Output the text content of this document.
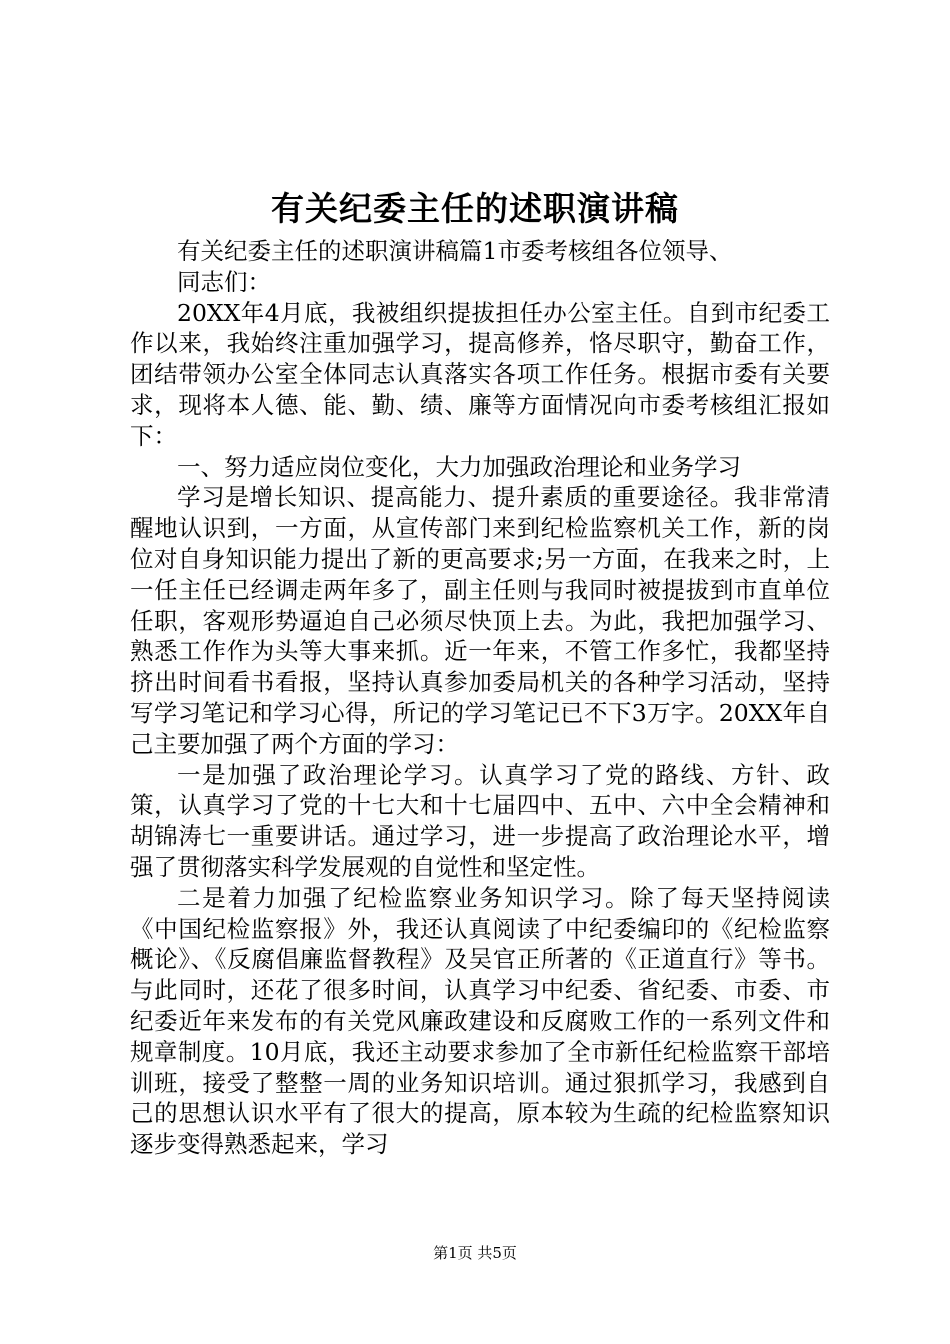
有关纪委主任的述职演讲稿

有关纪委主任的述职演讲稿篇1市委考核组各位领导、

同志们：

20XX年4月底，我被组织提拔担任办公室主任。自到市纪委工作以来，我始终注重加强学习，提高修养，恪尽职守，勤奋工作，团结带领办公室全体同志认真落实各项工作任务。根据市委有关要求，现将本人德、能、勤、绩、廉等方面情况向市委考核组汇报如下：

一、努力适应岗位变化，大力加强政治理论和业务学习

学习是增长知识、提高能力、提升素质的重要途径。我非常清醒地认识到，一方面，从宣传部门来到纪检监察机关工作，新的岗位对自身知识能力提出了新的更高要求;另一方面，在我来之时，上一任主任已经调走两年多了，副主任则与我同时被提拔到市直单位任职，客观形势逼迫自己必须尽快顶上去。为此，我把加强学习、熟悉工作作为头等大事来抓。近一年来，不管工作多忙，我都坚持挤出时间看书看报，坚持认真参加委局机关的各种学习活动，坚持写学习笔记和学习心得，所记的学习笔记已不下3万字。20XX年自己主要加强了两个方面的学习：

一是加强了政治理论学习。认真学习了党的路线、方针、政策，认真学习了党的十七大和十七届四中、五中、六中全会精神和胡锦涛七一重要讲话。通过学习，进一步提高了政治理论水平，增强了贯彻落实科学发展观的自觉性和坚定性。

二是着力加强了纪检监察业务知识学习。除了每天坚持阅读《中国纪检监察报》外，我还认真阅读了中纪委编印的《纪检监察概论》、《反腐倡廉监督教程》及吴官正所著的《正道直行》等书。与此同时，还花了很多时间，认真学习中纪委、省纪委、市委、市纪委近年来发布的有关党风廉政建设和反腐败工作的一系列文件和规章制度。10月底，我还主动要求参加了全市新任纪检监察干部培训班，接受了整整一周的业务知识培训。通过狠抓学习，我感到自己的思想认识水平有了很大的提高，原本较为生疏的纪检监察知识逐步变得熟悉起来，学习

第1页 共5页
